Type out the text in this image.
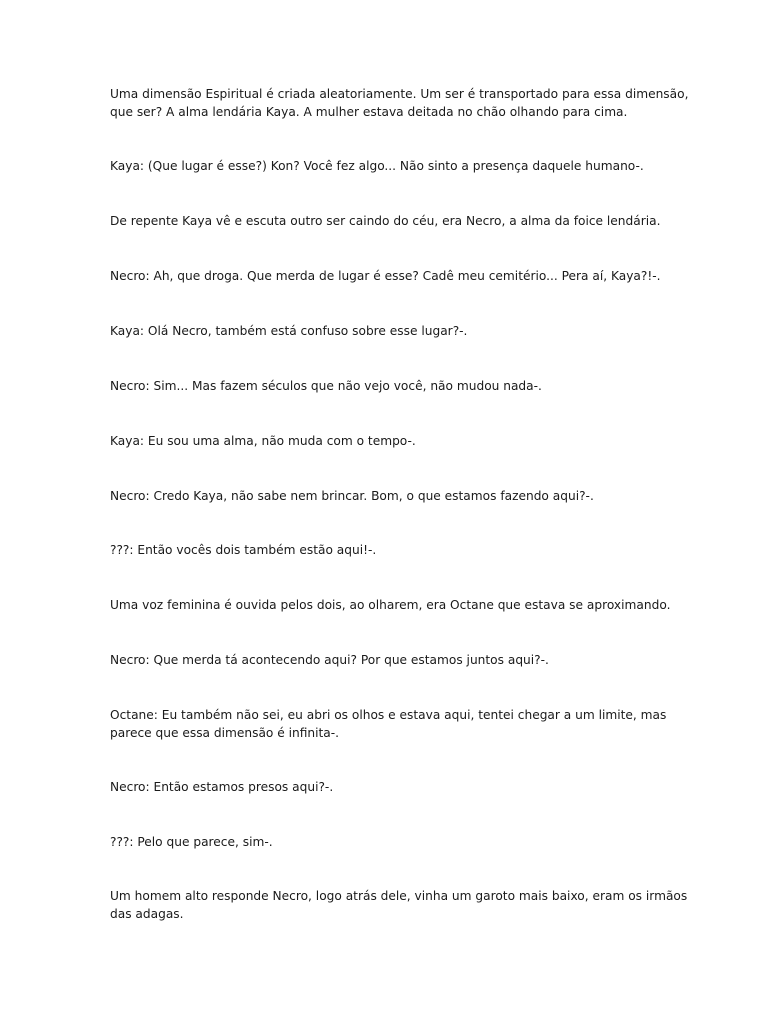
Uma dimensão Espiritual é criada aleatoriamente. Um ser é transportado para essa dimensão,
que ser? A alma lendária Kaya. A mulher estava deitada no chão olhando para cima.

Kaya: (Que lugar é esse?) Kon? Você fez algo... Não sinto a presença daquele humano-.

De repente Kaya vê e escuta outro ser caindo do céu, era Necro, a alma da foice lendária.

Necro: Ah, que droga. Que merda de lugar é esse? Cadê meu cemitério... Pera aí, Kaya?!-.

Kaya: Olá Necro, também está confuso sobre esse lugar?-.

Necro: Sim... Mas fazem séculos que não vejo você, não mudou nada-.

Kaya: Eu sou uma alma, não muda com o tempo-.

Necro: Credo Kaya, não sabe nem brincar. Bom, o que estamos fazendo aqui?-.

???: Então vocês dois também estão aqui!-.

Uma voz feminina é ouvida pelos dois, ao olharem, era Octane que estava se aproximando.

Necro: Que merda tá acontecendo aqui? Por que estamos juntos aqui?-.

Octane: Eu também não sei, eu abri os olhos e estava aqui, tentei chegar a um limite, mas
parece que essa dimensão é infinita-.

Necro: Então estamos presos aqui?-.

???: Pelo que parece, sim-.

Um homem alto responde Necro, logo atrás dele, vinha um garoto mais baixo, eram os irmãos
das adagas.
